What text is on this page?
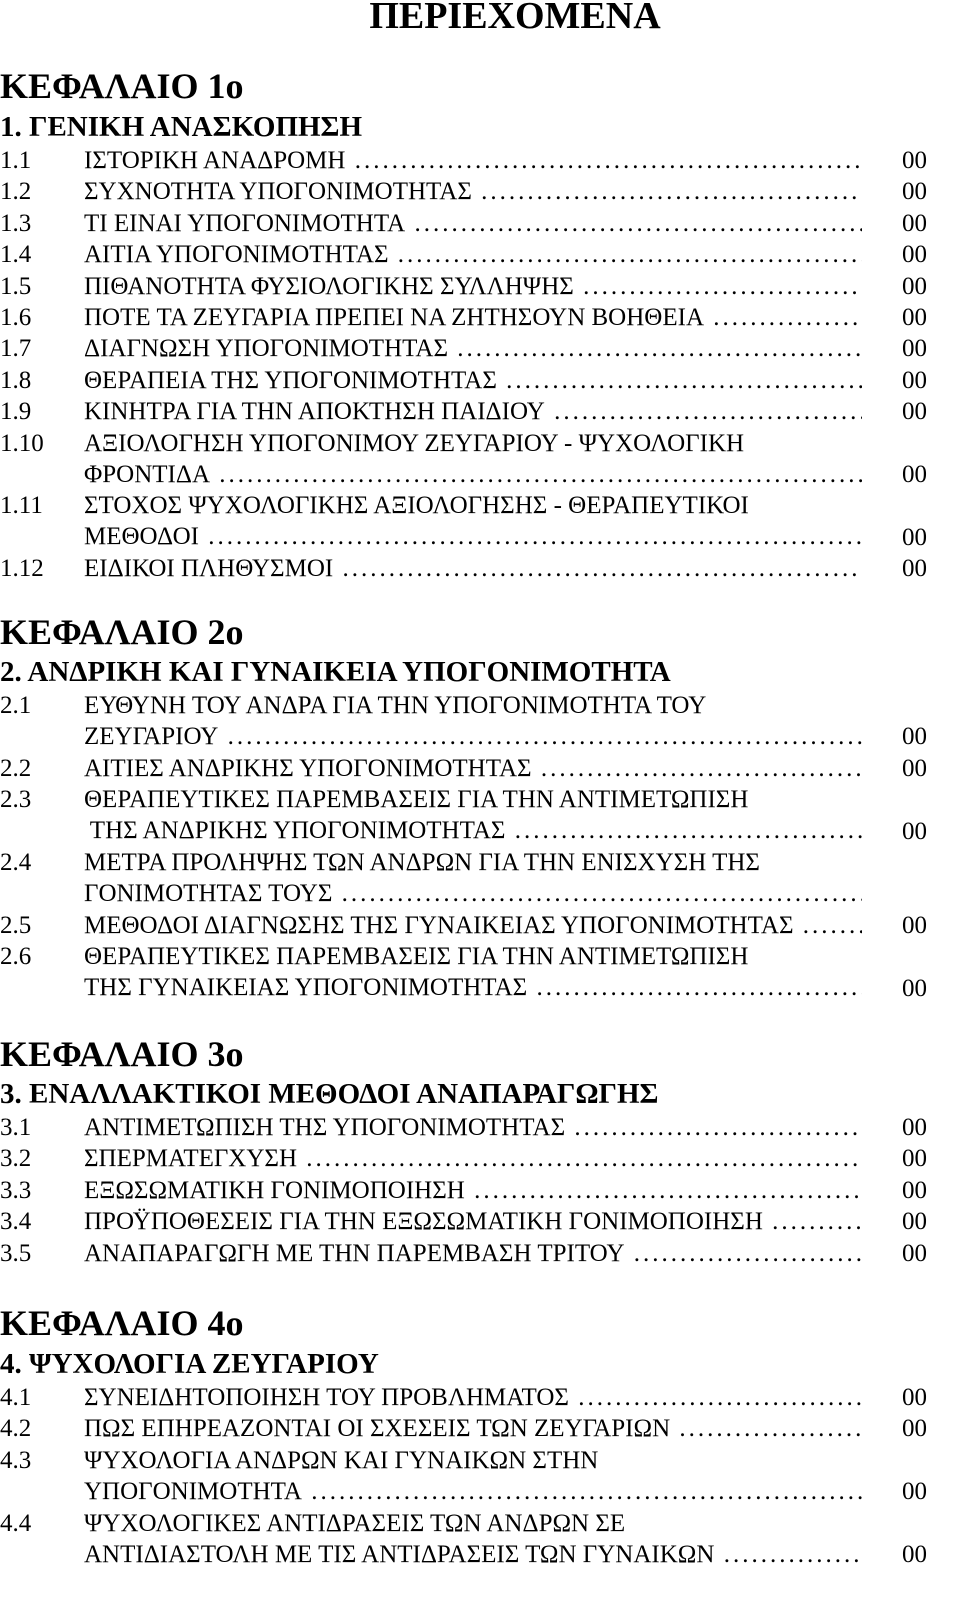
ΠΕΡΙΕΧΟΜΕΝΑ
ΚΕΦΑΛΑΙΟ 1ο
1. ΓΕΝΙΚΗ ΑΝΑΣΚΟΠΗΣΗ
1.1 ΙΣΤΟΡΙΚΗ ΑΝΑΔΡΟΜΗ .....	00
1.2 ΣΥΧΝΟΤΗΤΑ ΥΠΟΓΟΝΙΜΟΤΗΤΑΣ .....	00
1.3 ΤΙ ΕΙΝΑΙ ΥΠΟΓΟΝΙΜΟΤΗΤΑ .....	00
1.4 ΑΙΤΙΑ ΥΠΟΓΟΝΙΜΟΤΗΤΑΣ .....	00
1.5 ΠΙΘΑΝΟΤΗΤΑ ΦΥΣΙΟΛΟΓΙΚΗΣ ΣΥΛΛΗΨΗΣ .....	00
1.6 ΠΟΤΕ ΤΑ ΖΕΥΓΑΡΙΑ ΠΡΕΠΕΙ ΝΑ ΖΗΤΗΣΟΥΝ ΒΟΗΘΕΙΑ .....	00
1.7 ΔΙΑΓΝΩΣΗ ΥΠΟΓΟΝΙΜΟΤΗΤΑΣ .....	00
1.8 ΘΕΡΑΠΕΙΑ ΤΗΣ ΥΠΟΓΟΝΙΜΟΤΗΤΑΣ .....	00
1.9 ΚΙΝΗΤΡΑ ΓΙΑ ΤΗΝ ΑΠΟΚΤΗΣΗ ΠΑΙΔΙΟΥ .....	00
1.10 ΑΞΙΟΛΟΓΗΣΗ ΥΠΟΓΟΝΙΜΟΥ ΖΕΥΓΑΡΙΟΥ - ΨΥΧΟΛΟΓΙΚΗ
ΦΡΟΝΤΙΔΑ .....	00
1.11 ΣΤΟΧΟΣ ΨΥΧΟΛΟΓΙΚΗΣ ΑΞΙΟΛΟΓΗΣΗΣ - ΘΕΡΑΠΕΥΤΙΚΟΙ
ΜΕΘΟΔΟΙ .....	00
1.12 ΕΙΔΙΚΟΙ ΠΛΗΘΥΣΜΟΙ .....	00
ΚΕΦΑΛΑΙΟ 2ο
2. ΑΝΔΡΙΚΗ ΚΑΙ ΓΥΝΑΙΚΕΙΑ ΥΠΟΓΟΝΙΜΟΤΗΤΑ
2.1 ΕΥΘΥΝΗ ΤΟΥ ΑΝΔΡΑ ΓΙΑ ΤΗΝ ΥΠΟΓΟΝΙΜΟΤΗΤΑ ΤΟΥ
ΖΕΥΓΑΡΙΟΥ .....	00
2.2 ΑΙΤΙΕΣ ΑΝΔΡΙΚΗΣ ΥΠΟΓΟΝΙΜΟΤΗΤΑΣ .....	00
2.3 ΘΕΡΑΠΕΥΤΙΚΕΣ ΠΑΡΕΜΒΑΣΕΙΣ ΓΙΑ ΤΗΝ ΑΝΤΙΜΕΤΩΠΙΣΗ
ΤΗΣ ΑΝΔΡΙΚΗΣ ΥΠΟΓΟΝΙΜΟΤΗΤΑΣ .....	00
2.4 ΜΕΤΡΑ ΠΡΟΛΗΨΗΣ ΤΩΝ ΑΝΔΡΩΝ ΓΙΑ ΤΗΝ ΕΝΙΣΧΥΣΗ ΤΗΣ
ΓΟΝΙΜΟΤΗΤΑΣ ΤΟΥΣ .....
2.5 ΜΕΘΟΔΟΙ ΔΙΑΓΝΩΣΗΣ ΤΗΣ ΓΥΝΑΙΚΕΙΑΣ ΥΠΟΓΟΝΙΜΟΤΗΤΑΣ .....	00
2.6 ΘΕΡΑΠΕΥΤΙΚΕΣ ΠΑΡΕΜΒΑΣΕΙΣ ΓΙΑ ΤΗΝ ΑΝΤΙΜΕΤΩΠΙΣΗ
ΤΗΣ ΓΥΝΑΙΚΕΙΑΣ ΥΠΟΓΟΝΙΜΟΤΗΤΑΣ .....	00
ΚΕΦΑΛΑΙΟ 3ο
3. ΕΝΑΛΛΑΚΤΙΚΟΙ ΜΕΘΟΔΟΙ ΑΝΑΠΑΡΑΓΩΓΗΣ
3.1 ΑΝΤΙΜΕΤΩΠΙΣΗ ΤΗΣ ΥΠΟΓΟΝΙΜΟΤΗΤΑΣ .....	00
3.2 ΣΠΕΡΜΑΤΕΓΧΥΣΗ .....	00
3.3 ΕΞΩΣΩΜΑΤΙΚΗ ΓΟΝΙΜΟΠΟΙΗΣΗ .....	00
3.4 ΠΡΟΫΠΟΘΕΣΕΙΣ ΓΙΑ ΤΗΝ ΕΞΩΣΩΜΑΤΙΚΗ ΓΟΝΙΜΟΠΟΙΗΣΗ .....	00
3.5 ΑΝΑΠΑΡΑΓΩΓΗ ΜΕ ΤΗΝ ΠΑΡΕΜΒΑΣΗ ΤΡΙΤΟΥ .....	00
ΚΕΦΑΛΑΙΟ 4ο
4. ΨΥΧΟΛΟΓΙΑ ΖΕΥΓΑΡΙΟΥ
4.1 ΣΥΝΕΙΔΗΤΟΠΟΙΗΣΗ ΤΟΥ ΠΡΟΒΛΗΜΑΤΟΣ .....	00
4.2 ΠΩΣ ΕΠΗΡΕΑΖΟΝΤΑΙ ΟΙ ΣΧΕΣΕΙΣ ΤΩΝ ΖΕΥΓΑΡΙΩΝ .....	00
4.3 ΨΥΧΟΛΟΓΙΑ ΑΝΔΡΩΝ ΚΑΙ ΓΥΝΑΙΚΩΝ ΣΤΗΝ
ΥΠΟΓΟΝΙΜΟΤΗΤΑ .....	00
4.4 ΨΥΧΟΛΟΓΙΚΕΣ ΑΝΤΙΔΡΑΣΕΙΣ ΤΩΝ ΑΝΔΡΩΝ ΣΕ
ΑΝΤΙΔΙΑΣΤΟΛΗ ΜΕ ΤΙΣ ΑΝΤΙΔΡΑΣΕΙΣ ΤΩΝ ΓΥΝΑΙΚΩΝ .....	00
